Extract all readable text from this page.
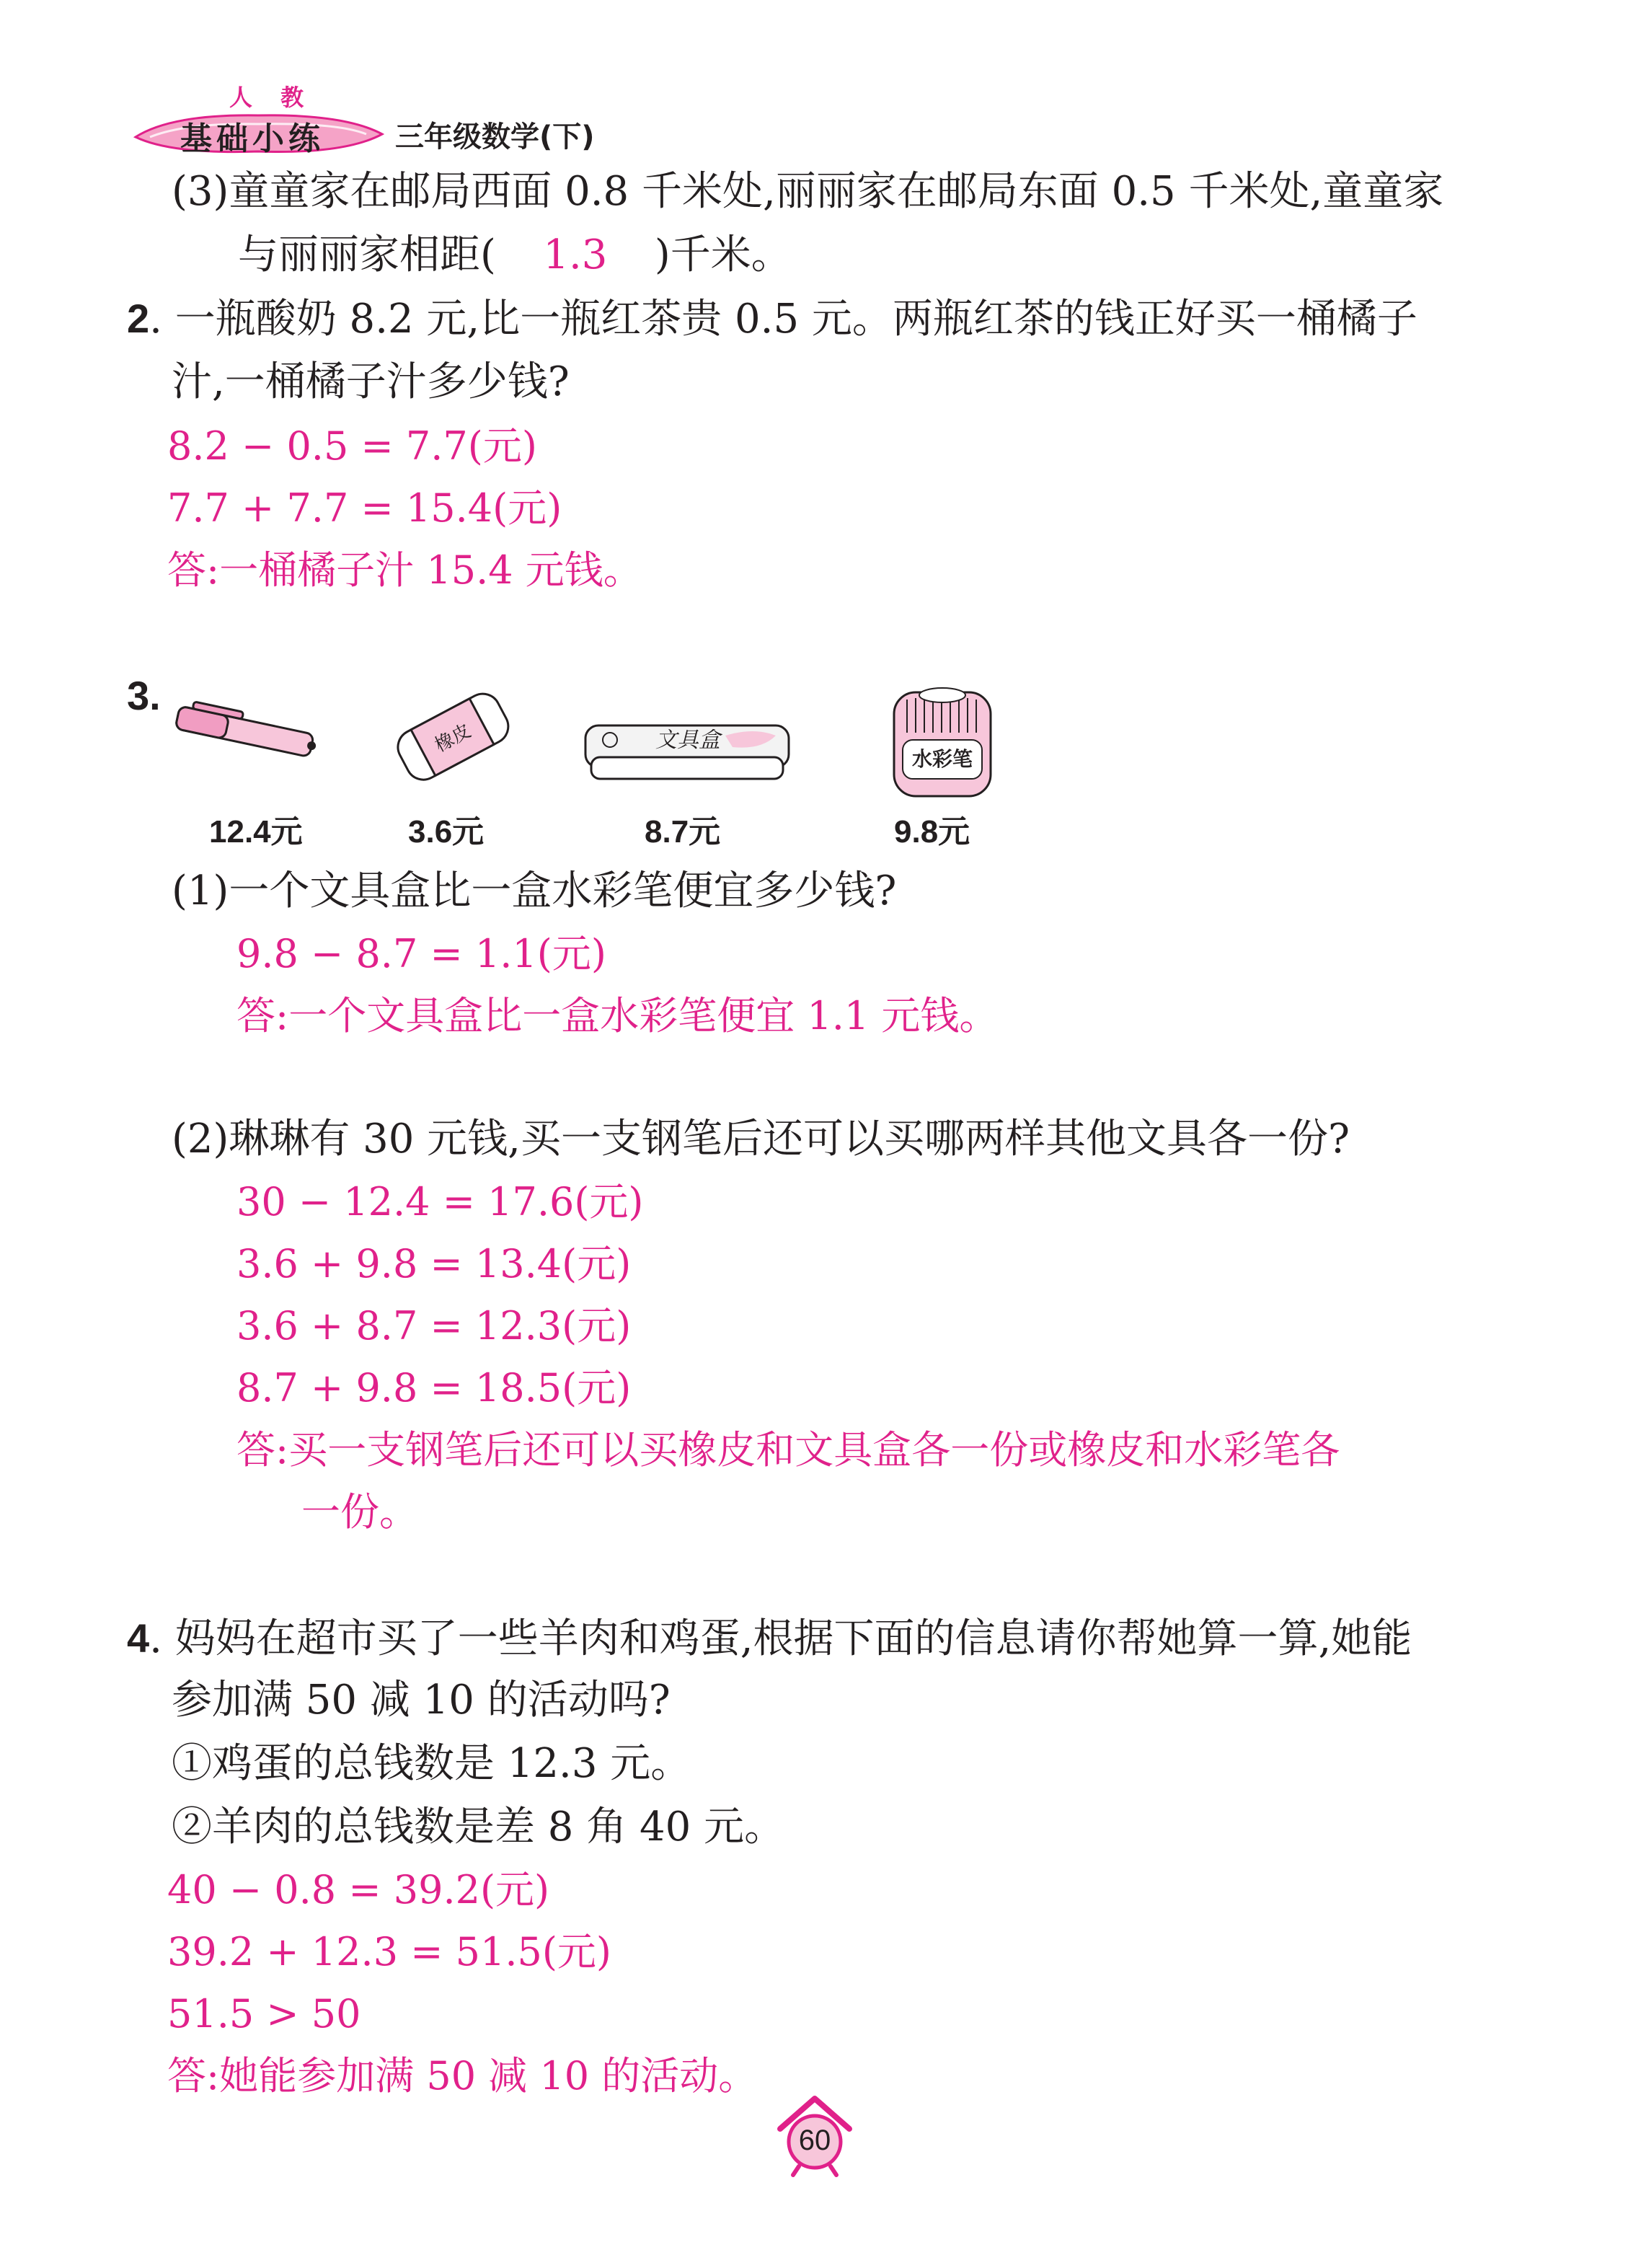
人 教
基础小练 三年级数学(下)
(3)童童家在邮局西面 0.8 千米处,丽丽家在邮局东面 0.5 千米处,童童家
与丽丽家相距( 1.3 )千米。
2. 一瓶酸奶 8.2 元,比一瓶红茶贵 0.5 元。两瓶红茶的钱正好买一桶橘子
汁,一桶橘子汁多少钱?
8.2 − 0.5 = 7.7(元)
7.7 + 7.7 = 15.4(元)
答:一桶橘子汁 15.4 元钱。
3.
橡皮	文具盒
水彩笔
12.4元	3.6元	8.7元	9.8元
(1)一个文具盒比一盒水彩笔便宜多少钱?
9.8 − 8.7 = 1.1(元)
答:一个文具盒比一盒水彩笔便宜 1.1 元钱。
(2)琳琳有 30 元钱,买一支钢笔后还可以买哪两样其他文具各一份?
30 − 12.4 = 17.6(元)
3.6 + 9.8 = 13.4(元)
3.6 + 8.7 = 12.3(元)
8.7 + 9.8 = 18.5(元)
答:买一支钢笔后还可以买橡皮和文具盒各一份或橡皮和水彩笔各
一份。
4. 妈妈在超市买了一些羊肉和鸡蛋,根据下面的信息请你帮她算一算,她能
参加满 50 减 10 的活动吗?
①鸡蛋的总钱数是 12.3 元。
②羊肉的总钱数是差 8 角 40 元。
40 − 0.8 = 39.2(元)
39.2 + 12.3 = 51.5(元)
51.5 > 50
答:她能参加满 50 减 10 的活动。
60
